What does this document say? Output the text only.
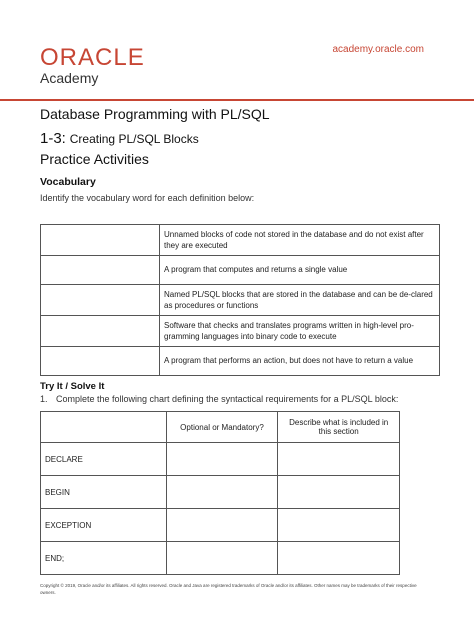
ORACLE
Academy
academy.oracle.com
Database Programming with PL/SQL
1-3: Creating PL/SQL Blocks
Practice Activities
Vocabulary
Identify the vocabulary word for each definition below:
	Unnamed blocks of code not stored in the database and do not exist after they are executed
	A program that computes and returns a single value
	Named PL/SQL blocks that are stored in the database and can be de-clared as procedures or functions
	Software that checks and translates programs written in high-level pro-gramming languages into binary code to execute
	A program that performs an action, but does not have to return a value
Try It / Solve It
1. Complete the following chart defining the syntactical requirements for a PL/SQL block:
	Optional or Mandatory?	Describe what is included in this section
DECLARE		
BEGIN		
EXCEPTION		
END;		
Copyright © 2019, Oracle and/or its affiliates. All rights reserved. Oracle and Java are registered trademarks of Oracle and/or its affiliates. Other names may be trademarks of their respective owners.
